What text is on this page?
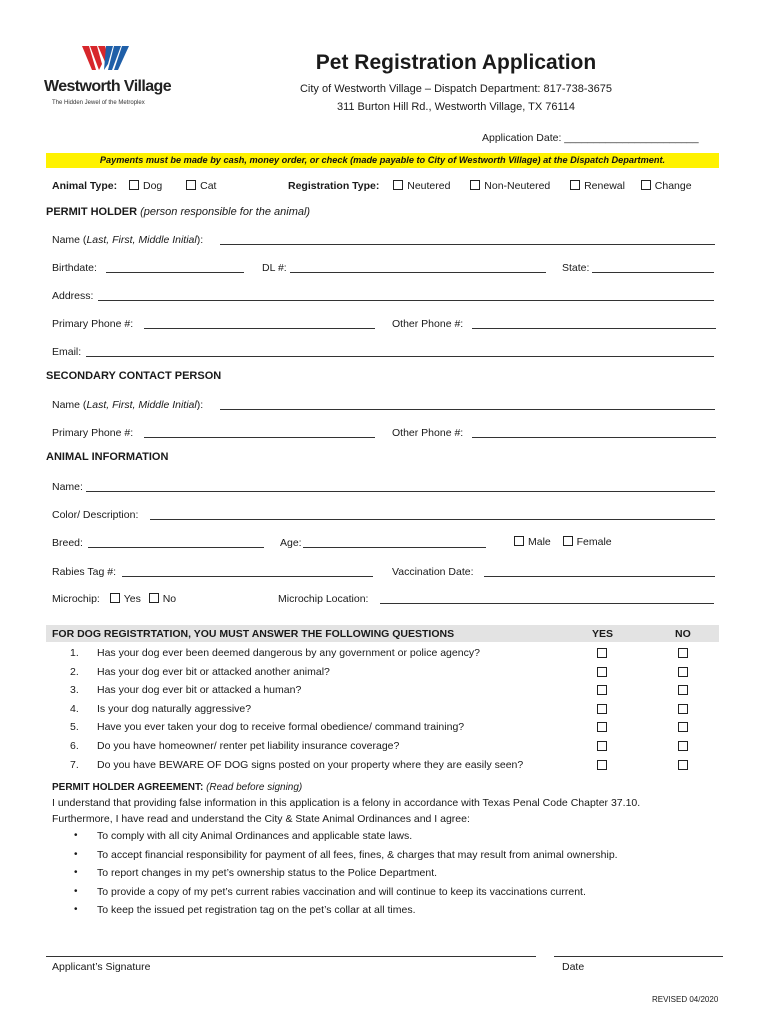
Westworth Village
The Hidden Jewel of the Metroplex
Pet Registration Application
City of Westworth Village – Dispatch Department: 817-738-3675
311 Burton Hill Rd., Westworth Village, TX 76114
Application Date: _______________________
Payments must be made by cash, money order, or check (made payable to City of Westworth Village) at the Dispatch Department.
Animal Type: Dog	Cat	Registration Type:	Neutered	Non-Neutered	Renewal	Change
PERMIT HOLDER (person responsible for the animal)
Name (Last, First, Middle Initial):
Birthdate:	DL #:	State:
Address:
Primary Phone #:	Other Phone #:
Email:
SECONDARY CONTACT PERSON
Name (Last, First, Middle Initial):
Primary Phone #:	Other Phone #:
ANIMAL INFORMATION
Name:
Color/ Description:
Breed:	Age:	Male Female
Rabies Tag #:	Vaccination Date:
Microchip: Yes No	Microchip Location:
FOR DOG REGISTRTATION, YOU MUST ANSWER THE FOLLOWING QUESTIONS	YES	NO
1. Has your dog ever been deemed dangerous by any government or police agency?
2. Has your dog ever bit or attacked another animal?
3. Has your dog ever bit or attacked a human?
4. Is your dog naturally aggressive?
5. Have you ever taken your dog to receive formal obedience/ command training?
6. Do you have homeowner/ renter pet liability insurance coverage?
7. Do you have BEWARE OF DOG signs posted on your property where they are easily seen?
PERMIT HOLDER AGREEMENT: (Read before signing)
I understand that providing false information in this application is a felony in accordance with Texas Penal Code Chapter 37.10.
Furthermore, I have read and understand the City & State Animal Ordinances and I agree:
• To comply with all city Animal Ordinances and applicable state laws.
• To accept financial responsibility for payment of all fees, fines, & charges that may result from animal ownership.
• To report changes in my pet’s ownership status to the Police Department.
• To provide a copy of my pet’s current rabies vaccination and will continue to keep its vaccinations current.
• To keep the issued pet registration tag on the pet’s collar at all times.
Applicant’s Signature	Date
REVISED 04/2020
